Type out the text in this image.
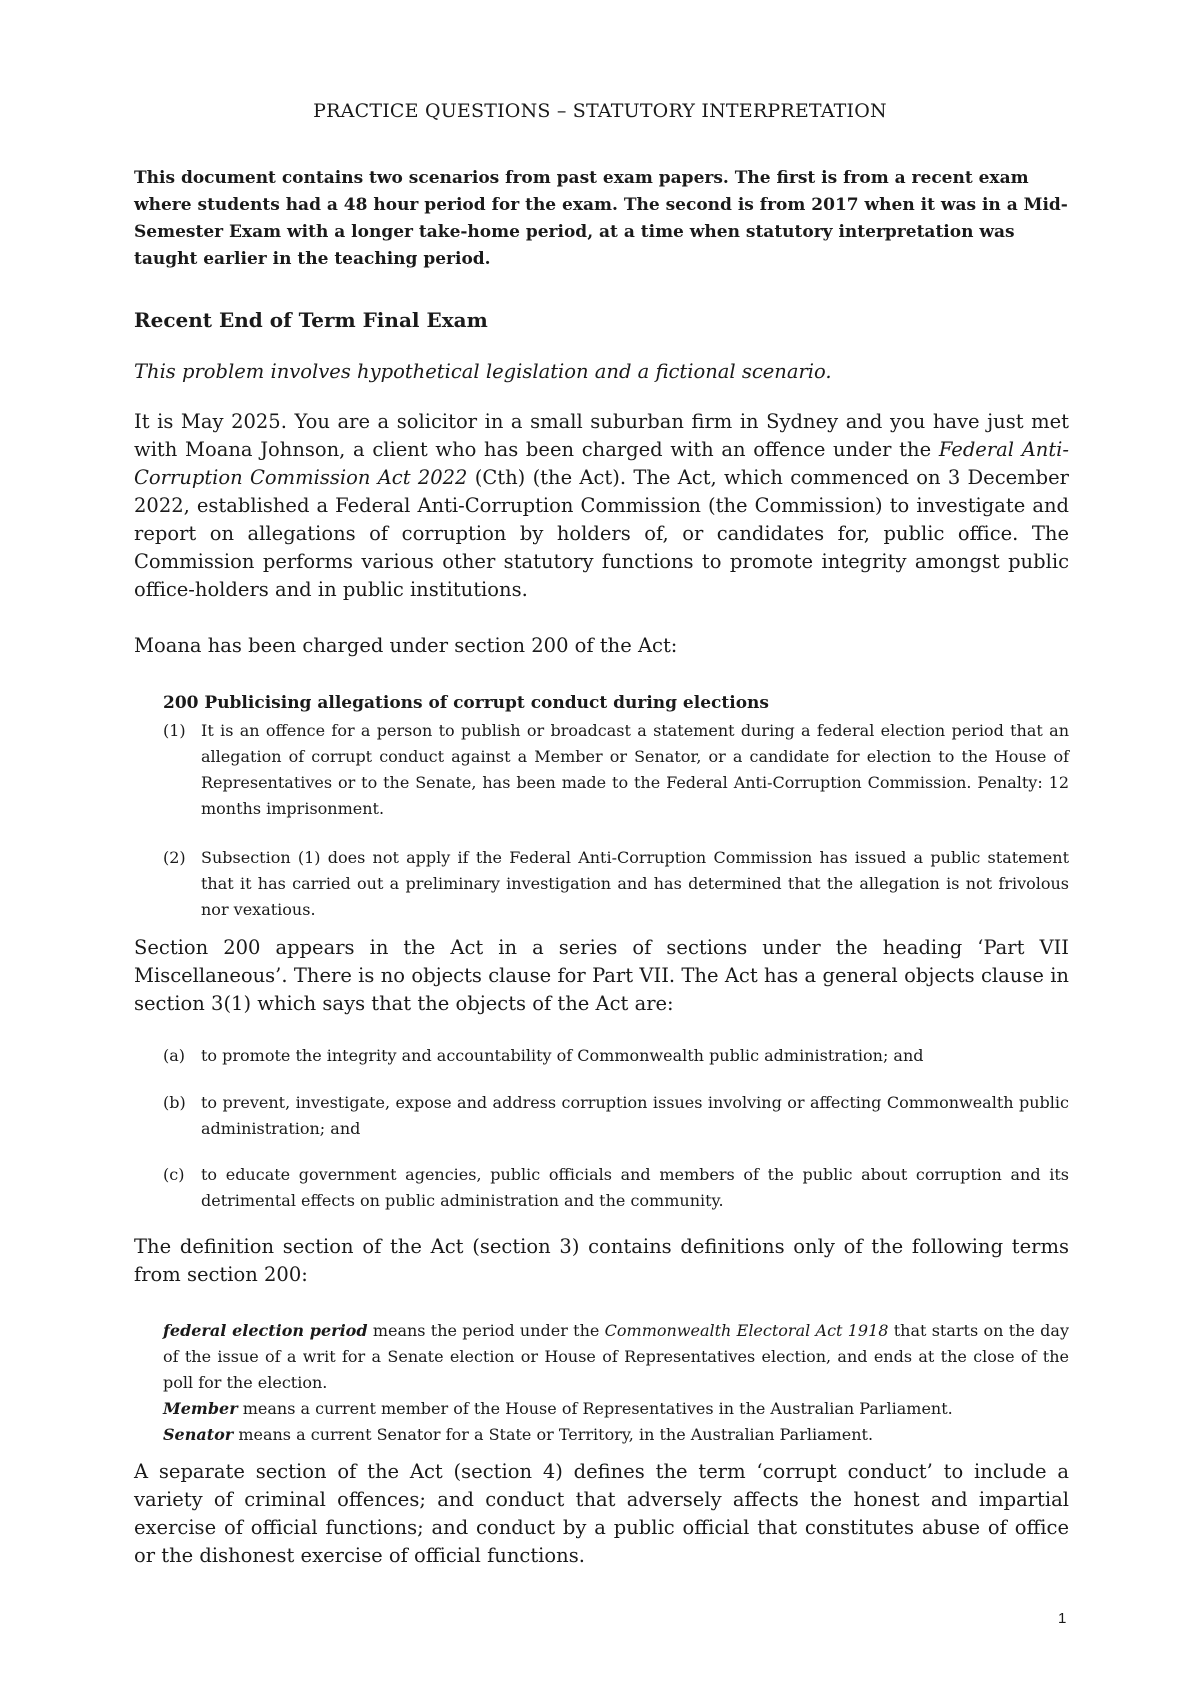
PRACTICE QUESTIONS – STATUTORY INTERPRETATION
This document contains two scenarios from past exam papers. The first is from a recent exam where students had a 48 hour period for the exam. The second is from 2017 when it was in a Mid-Semester Exam with a longer take-home period, at a time when statutory interpretation was taught earlier in the teaching period.
Recent End of Term Final Exam
This problem involves hypothetical legislation and a fictional scenario.
It is May 2025. You are a solicitor in a small suburban firm in Sydney and you have just met with Moana Johnson, a client who has been charged with an offence under the Federal Anti-Corruption Commission Act 2022 (Cth) (the Act). The Act, which commenced on 3 December 2022, established a Federal Anti-Corruption Commission (the Commission) to investigate and report on allegations of corruption by holders of, or candidates for, public office. The Commission performs various other statutory functions to promote integrity amongst public office-holders and in public institutions.
Moana has been charged under section 200 of the Act:
200 Publicising allegations of corrupt conduct during elections
(1) It is an offence for a person to publish or broadcast a statement during a federal election period that an allegation of corrupt conduct against a Member or Senator, or a candidate for election to the House of Representatives or to the Senate, has been made to the Federal Anti-Corruption Commission. Penalty: 12 months imprisonment.
(2) Subsection (1) does not apply if the Federal Anti-Corruption Commission has issued a public statement that it has carried out a preliminary investigation and has determined that the allegation is not frivolous nor vexatious.
Section 200 appears in the Act in a series of sections under the heading ‘Part VII Miscellaneous’. There is no objects clause for Part VII. The Act has a general objects clause in section 3(1) which says that the objects of the Act are:
(a) to promote the integrity and accountability of Commonwealth public administration; and
(b) to prevent, investigate, expose and address corruption issues involving or affecting Commonwealth public administration; and
(c)	to educate government agencies, public officials and members of the public about corruption and its detrimental effects on public administration and the community.
The definition section of the Act (section 3) contains definitions only of the following terms from section 200:
federal election period means the period under the Commonwealth Electoral Act 1918 that starts on the day of the issue of a writ for a Senate election or House of Representatives election, and ends at the close of the poll for the election.
Member means a current member of the House of Representatives in the Australian Parliament.
Senator means a current Senator for a State or Territory, in the Australian Parliament.
A separate section of the Act (section 4) defines the term ‘corrupt conduct’ to include a variety of criminal offences; and conduct that adversely affects the honest and impartial exercise of official functions; and conduct by a public official that constitutes abuse of office or the dishonest exercise of official functions.
1
